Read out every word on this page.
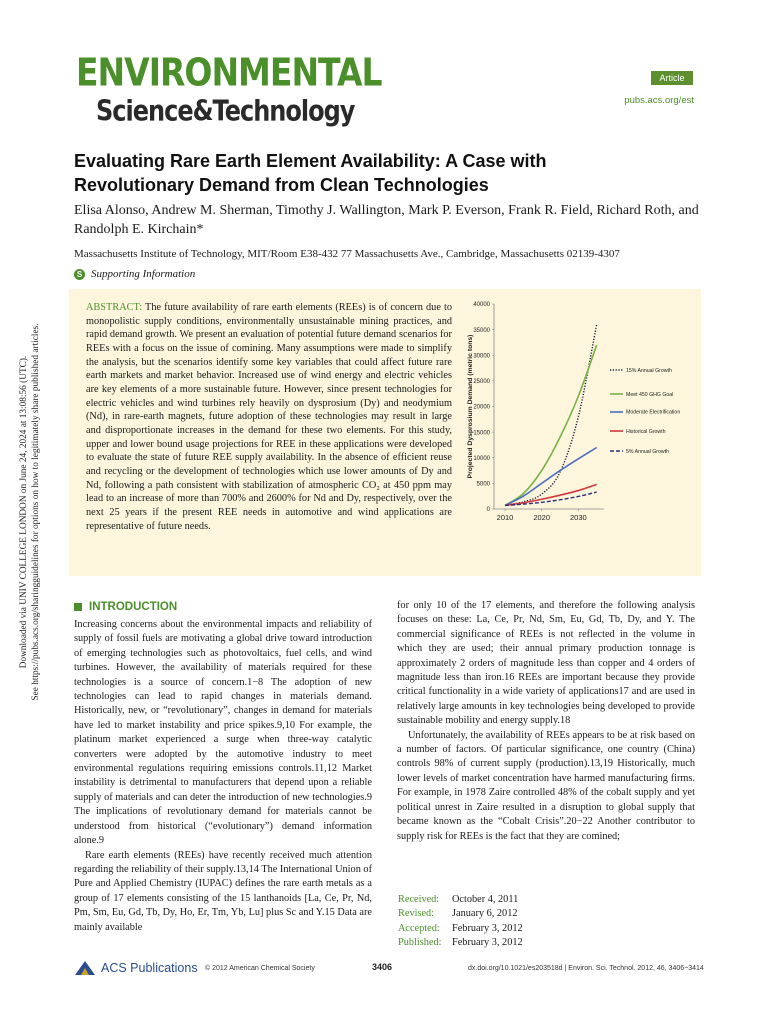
Downloaded via UNIV COLLEGE LONDON on June 24, 2024 at 13:08:56 (UTC). See https://pubs.acs.org/sharingguidelines for options on how to legitimately share published articles.
ENVIRONMENTAL
Science&Technology
Article
pubs.acs.org/est
Evaluating Rare Earth Element Availability: A Case with Revolutionary Demand from Clean Technologies
Elisa Alonso, Andrew M. Sherman, Timothy J. Wallington, Mark P. Everson, Frank R. Field, Richard Roth, and Randolph E. Kirchain*
Massachusetts Institute of Technology, MIT/Room E38-432 77 Massachusetts Ave., Cambridge, Massachusetts 02139-4307
S Supporting Information
ABSTRACT: The future availability of rare earth elements (REEs) is of concern due to monopolistic supply conditions, environmentally unsustainable mining practices, and rapid demand growth. We present an evaluation of potential future demand scenarios for REEs with a focus on the issue of comining. Many assumptions were made to simplify the analysis, but the scenarios identify some key variables that could affect future rare earth markets and market behavior. Increased use of wind energy and electric vehicles are key elements of a more sustainable future. However, since present technologies for electric vehicles and wind turbines rely heavily on dysprosium (Dy) and neodymium (Nd), in rare-earth magnets, future adoption of these technologies may result in large and disproportionate increases in the demand for these two elements. For this study, upper and lower bound usage projections for REE in these applications were developed to evaluate the state of future REE supply availability. In the absence of efficient reuse and recycling or the development of technologies which use lower amounts of Dy and Nd, following a path consistent with stabilization of atmospheric CO₂ at 450 ppm may lead to an increase of more than 700% and 2600% for Nd and Dy, respectively, over the next 25 years if the present REE needs in automotive and wind applications are representative of future needs.
0
5000
10000
15000
20000
25000
30000
35000
40000
2010	2020	2030
Projected Dysprosium Demand (metric tons)	15% Annual Growth
Meet 450 GHG Goal
Moderate Electrification
Historical Growth
5% Annual Growth
INTRODUCTION

Increasing concerns about the environmental impacts and reliability of supply of fossil fuels are motivating a global drive toward introduction of emerging technologies such as photovoltaics, fuel cells, and wind turbines. However, the availability of materials required for these technologies is a source of concern.1−8 The adoption of new technologies can lead to rapid changes in materials demand. Historically, new, or “revolutionary”, changes in demand for materials have led to market instability and price spikes.9,10 For example, the platinum market experienced a surge when three-way catalytic converters were adopted by the automotive industry to meet environmental regulations requiring emissions controls.11,12 Market instability is detrimental to manufacturers that depend upon a reliable supply of materials and can deter the introduction of new technologies.9 The implications of revolutionary demand for materials cannot be understood from historical (“evolutionary”) demand information alone.9

Rare earth elements (REEs) have recently received much attention regarding the reliability of their supply.13,14 The International Union of Pure and Applied Chemistry (IUPAC) defines the rare earth metals as a group of 17 elements consisting of the 15 lanthanoids [La, Ce, Pr, Nd, Pm, Sm, Eu, Gd, Tb, Dy, Ho, Er, Tm, Yb, Lu] plus Sc and Y.15 Data are mainly available

for only 10 of the 17 elements, and therefore the following analysis focuses on these: La, Ce, Pr, Nd, Sm, Eu, Gd, Tb, Dy, and Y. The commercial significance of REEs is not reflected in the volume in which they are used; their annual primary production tonnage is approximately 2 orders of magnitude less than copper and 4 orders of magnitude less than iron.16 REEs are important because they provide critical functionality in a wide variety of applications17 and are used in relatively large amounts in key technologies being developed to provide sustainable mobility and energy supply.18

Unfortunately, the availability of REEs appears to be at risk based on a number of factors. Of particular significance, one country (China) controls 98% of current supply (production).13,19 Historically, much lower levels of market concentration have harmed manufacturing firms. For example, in 1978 Zaire controlled 48% of the cobalt supply and yet political unrest in Zaire resulted in a disruption to global supply that became known as the “Cobalt Crisis”.20−22 Another contributor to supply risk for REEs is the fact that they are comined;

Received: October 4, 2011
Revised: January 6, 2012
Accepted: February 3, 2012
Published: February 3, 2012
ACS Publications © 2012 American Chemical Society	3406	dx.doi.org/10.1021/es203518d | Environ. Sci. Technol. 2012, 46, 3406−3414
